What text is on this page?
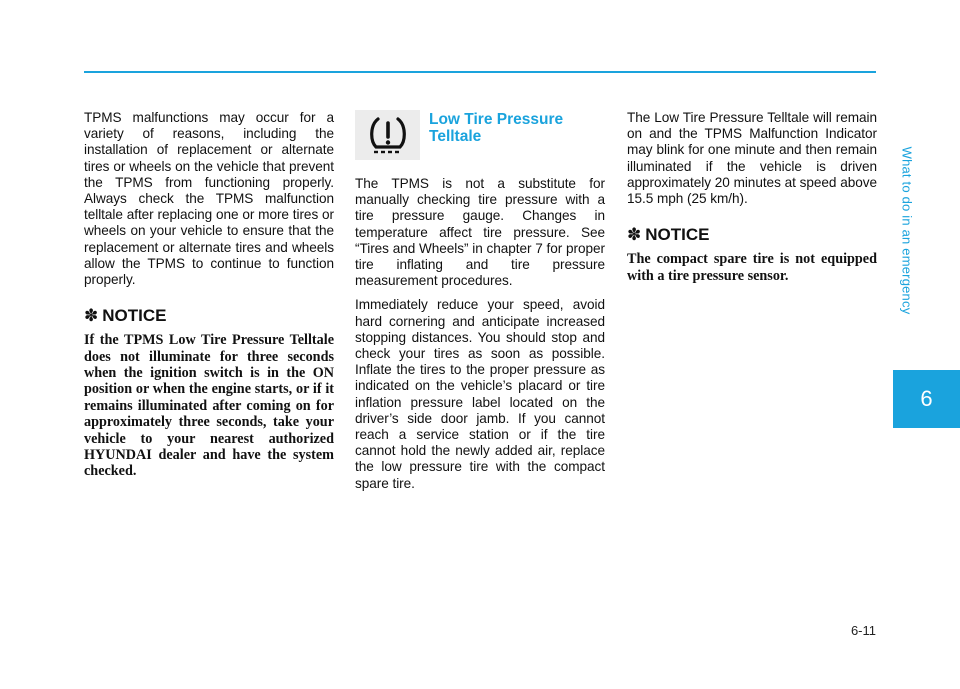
What to do in an emergency
6

TPMS malfunctions may occur for a variety of reasons, including the installation of replacement or alternate tires or wheels on the vehicle that prevent the TPMS from functioning properly. Always check the TPMS malfunction telltale after replacing one or more tires or wheels on your vehicle to ensure that the replacement or alternate tires and wheels allow the TPMS to continue to function properly.

✽ NOTICE

If the TPMS Low Tire Pressure Telltale does not illuminate for three seconds when the ignition switch is in the ON position or when the engine starts, or if it remains illuminated after coming on for approximately three seconds, take your vehicle to your nearest authorized HYUNDAI dealer and have the system checked.

Low Tire Pressure Telltale

The TPMS is not a substitute for manually checking tire pressure with a tire pressure gauge. Changes in temperature affect tire pressure. See “Tires and Wheels” in chapter 7 for proper tire inflating and tire pressure measurement procedures.

Immediately reduce your speed, avoid hard cornering and anticipate increased stopping distances. You should stop and check your tires as soon as possible. Inflate the tires to the proper pressure as indicated on the vehicle’s placard or tire inflation pressure label located on the driver’s side door jamb. If you cannot reach a service station or if the tire cannot hold the newly added air, replace the low pressure tire with the compact spare tire.

The Low Tire Pressure Telltale will remain on and the TPMS Malfunction Indicator may blink for one minute and then remain illuminated if the vehicle is driven approximately 20 minutes at speed above 15.5 mph (25 km/h).

✽ NOTICE

The compact spare tire is not equipped with a tire pressure sensor.

6-11
